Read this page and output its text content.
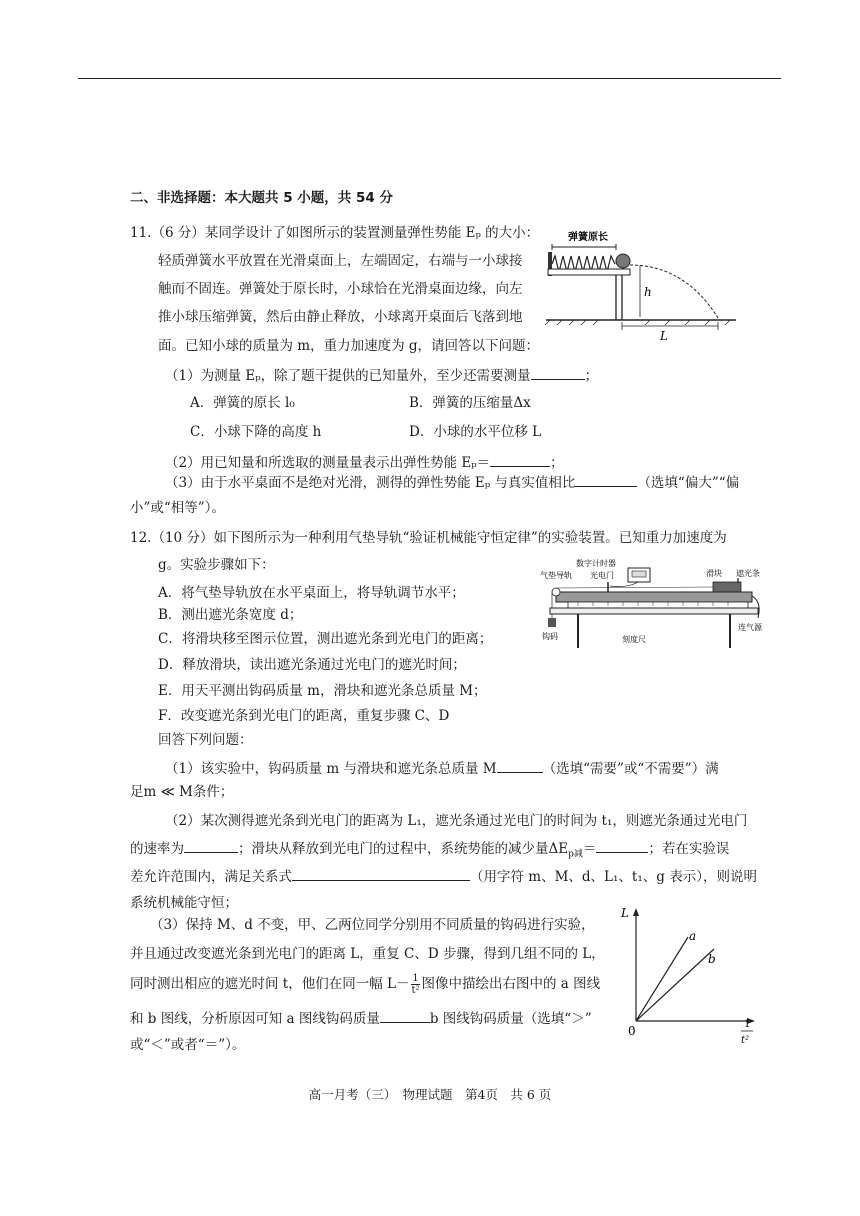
二、非选择题：本大题共 5 小题，共 54 分
11.（6 分）某同学设计了如图所示的装置测量弹性势能 Eₚ 的大小：
轻质弹簧水平放置在光滑桌面上，左端固定，右端与一小球接
触而不固连。弹簧处于原长时，小球恰在光滑桌面边缘，向左
推小球压缩弹簧，然后由静止释放，小球离开桌面后飞落到地
面。已知小球的质量为 m，重力加速度为 g，请回答以下问题：
（1）为测量 Eₚ，除了题干提供的已知量外，至少还需要测量	；
A．弹簧的原长 l₀	B．弹簧的压缩量Δx
C．小球下降的高度 h	D．小球的水平位移 L
（2）用已知量和所选取的测量量表示出弹性势能 Eₚ＝	；
（3）由于水平桌面不是绝对光滑，测得的弹性势能 Eₚ 与真实值相比	（选填“偏大”“偏
小”或“相等”）。
弹簧原长
h
L
12.（10 分）如下图所示为一种利用气垫导轨“验证机械能守恒定律”的实验装置。已知重力加速度为
g。实验步骤如下：
A．将气垫导轨放在水平桌面上，将导轨调节水平；
B．测出遮光条宽度 d；
C．将滑块移至图示位置，测出遮光条到光电门的距离；
D．释放滑块，读出遮光条通过光电门的遮光时间；
E．用天平测出钩码质量 m，滑块和遮光条总质量 M；
F．改变遮光条到光电门的距离，重复步骤 C、D
回答下列问题：
数字计时器
光电门
气垫导轨	滑块 遮光条
钩码	刻度尺
连气源
（1）该实验中，钩码质量 m 与滑块和遮光条总质量 M	（选填“需要”或“不需要”）满
足m ≪ M条件；
（2）某次测得遮光条到光电门的距离为 L₁，遮光条通过光电门的时间为 t₁，则遮光条通过光电门
的速率为	；滑块从释放到光电门的过程中，系统势能的减少量$\Delta E_{p减}=$	；若在实验误
差允许范围内，满足关系式	（用字符 m、M、d、L₁、t₁、g 表示），则说明
系统机械能守恒；
（3）保持 M、d 不变，甲、乙两位同学分别用不同质量的钩码进行实验，
并且通过改变遮光条到光电门的距离 L，重复 C、D 步骤，得到几组不同的 L，
同时测出相应的遮光时间 t，他们在同一幅 $L- \frac{1}{\text{t²}}$ 图像中描绘出右图中的 a 图线
和 b 图线，分析原因可知 a 图线钩码质量	b 图线钩码质量（选填“＞”
或“＜”或者“＝”）。
L
0	1
t²
a
b
高一月考（三）　物理试题　第4页　共 6 页
